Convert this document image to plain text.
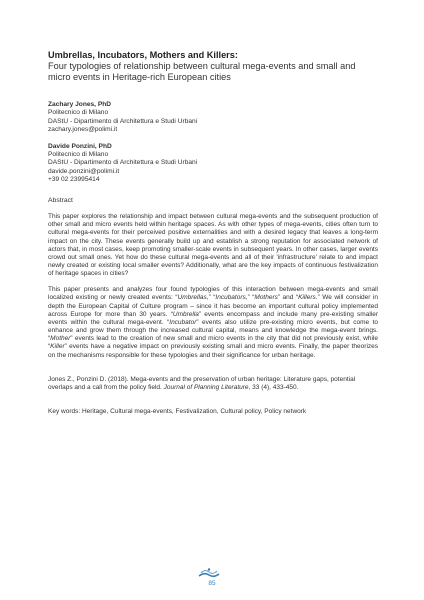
Umbrellas, Incubators, Mothers and Killers:
Four typologies of relationship between cultural mega-events and small and micro events in Heritage-rich European cities
Zachary Jones, PhD
Politecnico di Milano
DAStU - Dipartimento di Architettura e Studi Urbani
zachary.jones@polimi.it
Davide Ponzini, PhD
Politecnico di Milano
DAStU - Dipartimento di Architettura e Studi Urbani
davide.ponzini@polimi.it
+39 02 23995414
Abstract

This paper explores the relationship and impact between cultural mega-events and the subsequent production of other small and micro events held within heritage spaces. As with other types of mega-events, cities often turn to cultural mega-events for their perceived positive externalities and with a desired legacy that leaves a long-term impact on the city. These events generally build up and establish a strong reputation for associated network of actors that, in most cases, keep promoting smaller-scale events in subsequent years. In other cases, larger events crowd out small ones. Yet how do these cultural mega-events and all of their 'infrastructure' relate to and impact newly created or existing local smaller events? Additionally, what are the key impacts of continuous festivalization of heritage spaces in cities?

This paper presents and analyzes four found typologies of this interaction between mega-events and small localized existing or newly created events: “Umbrellas,” “Incubators,” “Mothers” and “Killers.” We will consider in depth the European Capital of Culture program – since it has become an important cultural policy implemented across Europe for more than 30 years. “Umbrella” events encompass and include many pre-existing smaller events within the cultural mega-event. “Incubator” events also utilize pre-existing micro events, but come to enhance and grow them through the increased cultural capital, means and knowledge the mega-event brings. “Mother” events lead to the creation of new small and micro events in the city that did not previously exist, while “Killer” events have a negative impact on previously existing small and micro events. Finally, the paper theorizes on the mechanisms responsible for these typologies and their significance for urban heritage.

Jones Z., Ponzini D. (2018). Mega-events and the preservation of urban heritage: Literature gaps, potential overlaps and a call from the policy field. Journal of Planning Literature, 33 (4), 433-450.
Key words: Heritage, Cultural mega-events, Festivalization, Cultural policy, Policy network
85
